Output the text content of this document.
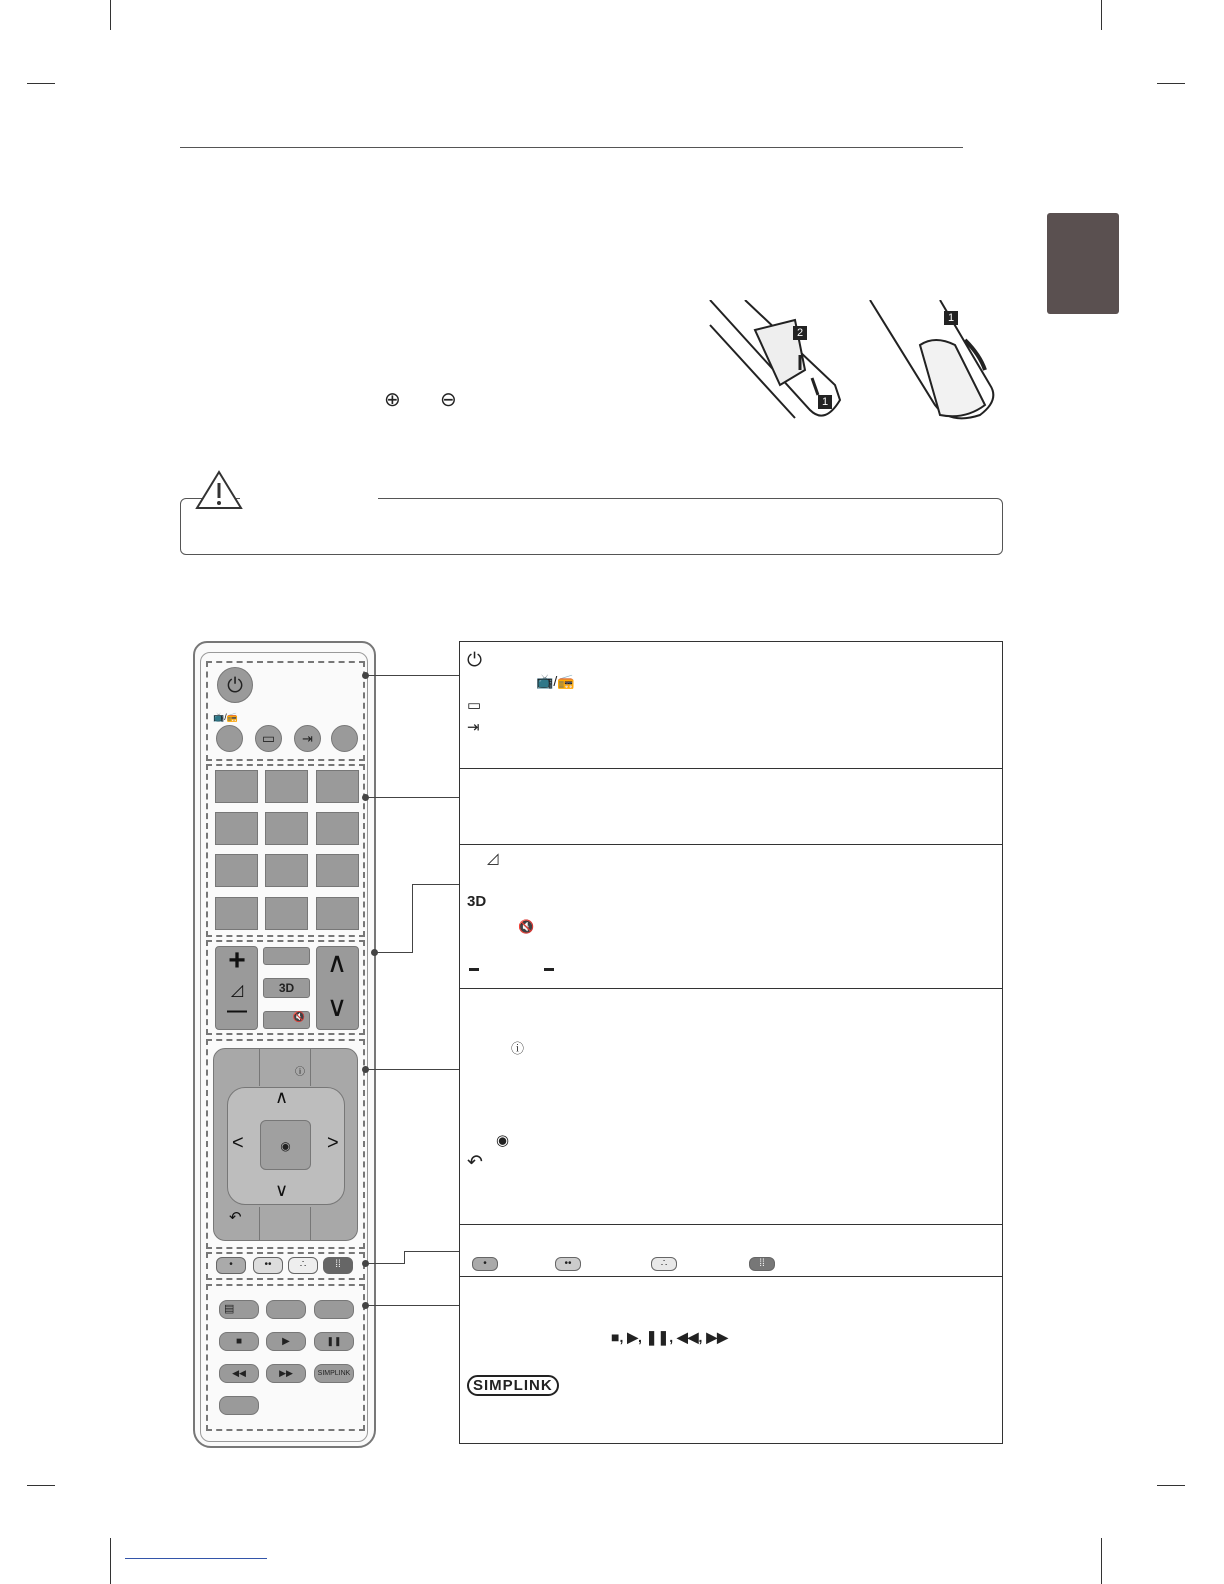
⊕ ⊖
2
1
1
⏻
📺/📻
▭	⇥
+
◿
—
3D
🔇
∧
∨
ⓘ
◉
∧
∨
<	>
↶
•	••	∴	⁞⁞
▤
■	▶	❚❚
◀◀	▶▶	SIMPLINK
⏻
📺/📻
▭
⇥
◿
3D
🔇
▬	▬
ⓘ
◉
↶
•	••	∴	⁞⁞
■, ▶, ❚❚, ◀◀, ▶▶
SIMPLINK
